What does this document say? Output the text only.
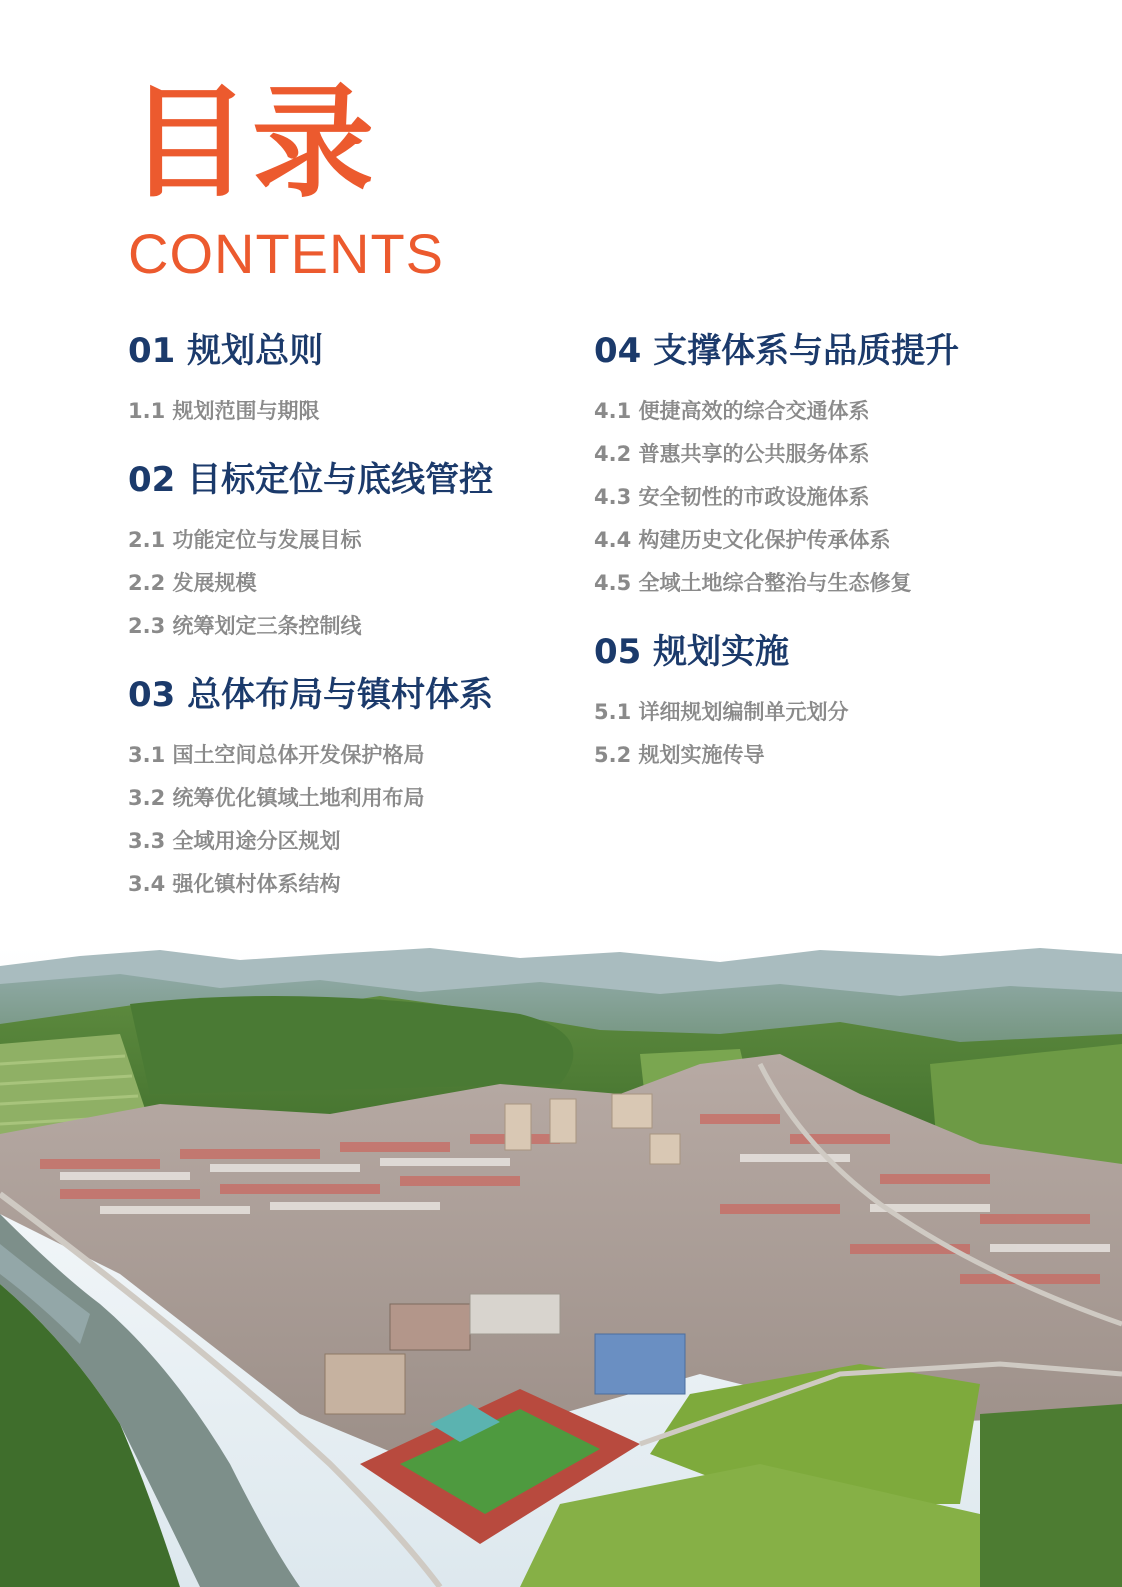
目录
CONTENTS
01 规划总则
1.1 规划范围与期限
02 目标定位与底线管控
2.1 功能定位与发展目标
2.2 发展规模
2.3 统筹划定三条控制线
03 总体布局与镇村体系
3.1 国土空间总体开发保护格局
3.2 统筹优化镇域土地利用布局
3.3 全域用途分区规划
3.4 强化镇村体系结构
04 支撑体系与品质提升
4.1 便捷高效的综合交通体系
4.2 普惠共享的公共服务体系
4.3 安全韧性的市政设施体系
4.4 构建历史文化保护传承体系
4.5 全域土地综合整治与生态修复
05 规划实施
5.1 详细规划编制单元划分
5.2 规划实施传导
